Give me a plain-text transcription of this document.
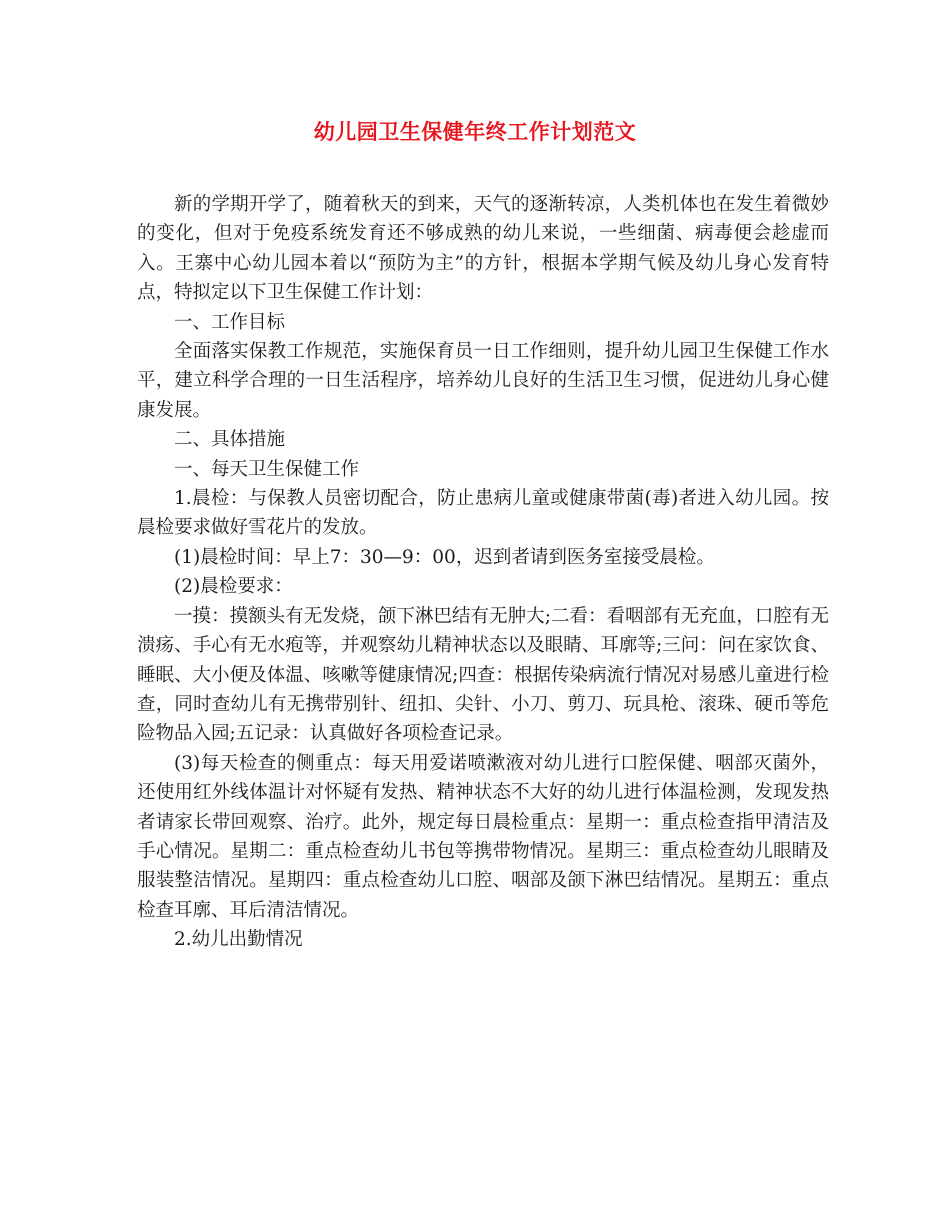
幼儿园卫生保健年终工作计划范文

新的学期开学了，随着秋天的到来，天气的逐渐转凉，人类机体也在发生着微妙的变化，但对于免疫系统发育还不够成熟的幼儿来说，一些细菌、病毒便会趁虚而入。王寨中心幼儿园本着以“预防为主”的方针，根据本学期气候及幼儿身心发育特点，特拟定以下卫生保健工作计划：

一、工作目标

全面落实保教工作规范，实施保育员一日工作细则，提升幼儿园卫生保健工作水平，建立科学合理的一日生活程序，培养幼儿良好的生活卫生习惯，促进幼儿身心健康发展。

二、具体措施

一、每天卫生保健工作

1.晨检：与保教人员密切配合，防止患病儿童或健康带菌(毒)者进入幼儿园。按晨检要求做好雪花片的发放。

(1)晨检时间：早上7：30—9：00，迟到者请到医务室接受晨检。

(2)晨检要求：

一摸：摸额头有无发烧，颌下淋巴结有无肿大;二看：看咽部有无充血，口腔有无溃疡、手心有无水疱等，并观察幼儿精神状态以及眼睛、耳廓等;三问：问在家饮食、睡眠、大小便及体温、咳嗽等健康情况;四查：根据传染病流行情况对易感儿童进行检查，同时查幼儿有无携带别针、纽扣、尖针、小刀、剪刀、玩具枪、滚珠、硬币等危险物品入园;五记录：认真做好各项检查记录。

(3)每天检查的侧重点：每天用爱诺喷漱液对幼儿进行口腔保健、咽部灭菌外，还使用红外线体温计对怀疑有发热、精神状态不大好的幼儿进行体温检测，发现发热者请家长带回观察、治疗。此外，规定每日晨检重点：星期一：重点检查指甲清洁及手心情况。星期二：重点检查幼儿书包等携带物情况。星期三：重点检查幼儿眼睛及服装整洁情况。星期四：重点检查幼儿口腔、咽部及颌下淋巴结情况。星期五：重点检查耳廓、耳后清洁情况。

2.幼儿出勤情况
